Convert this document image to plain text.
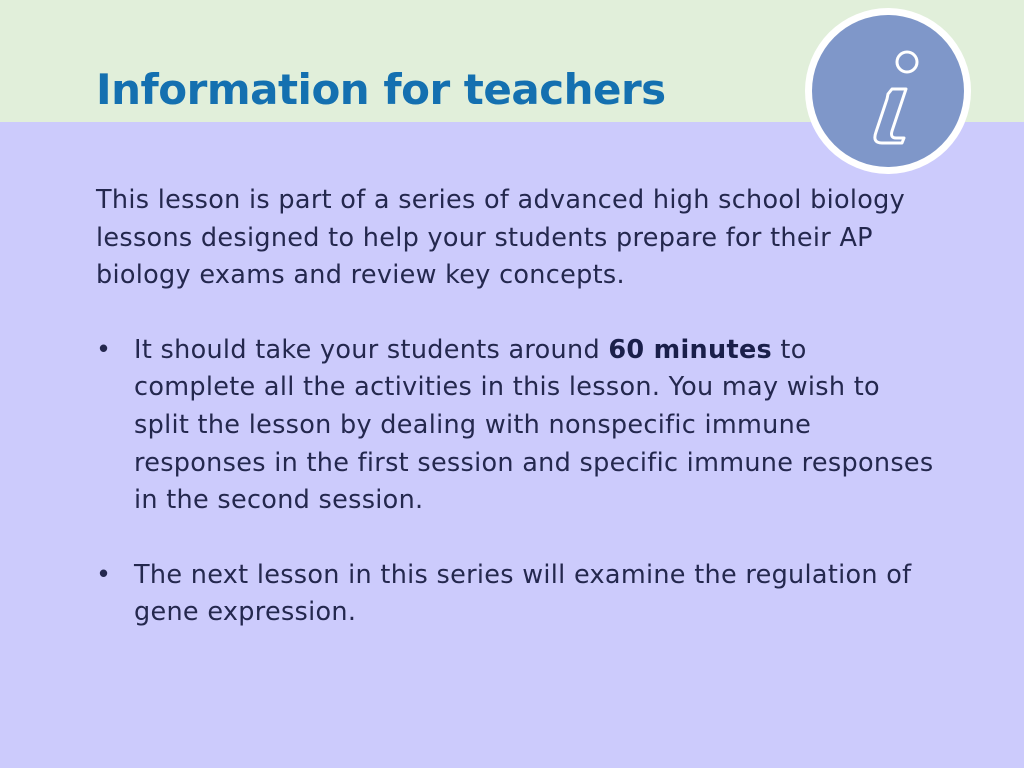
Information for teachers

This lesson is part of a series of advanced high school biology lessons designed to help your students prepare for their AP biology exams and review key concepts.

• It should take your students around 60 minutes to complete all the activities in this lesson. You may wish to split the lesson by dealing with nonspecific immune responses in the first session and specific immune responses in the second session.
• The next lesson in this series will examine the regulation of gene expression.
